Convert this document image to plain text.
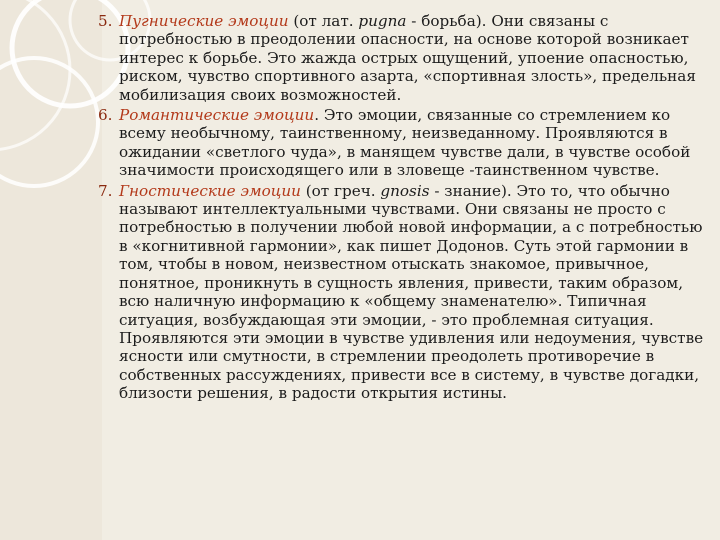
5. Пугнические эмоции (от лат. pugna - борьба). Они связаны с потребностью в преодолении опасности, на основе которой возникает интерес к борьбе. Это жажда острых ощущений, упоение опасностью, риском, чувство спортивного азарта, «спортивная злость», предельная мобилизация своих возможностей.
6. Романтические эмоции. Это эмоции, связанные со стремлением ко всему необычному, таинственному, неизведанному. Проявляются в ожидании «светлого чуда», в манящем чувстве дали, в чувстве особой значимости происходящего или в зловеще -таинственном чувстве.
7. Гностические эмоции (от греч. gnosis - знание). Это то, что обычно называют интеллектуальными чувствами. Они связаны не просто с потребностью в получении любой новой информации, а с потребностью в «когнитивной гармонии», как пишет Додонов. Суть этой гармонии в том, чтобы в новом, неизвестном отыскать знакомое, привычное, понятное, проникнуть в сущность явления, привести, таким образом, всю наличную информацию к «общему знаменателю». Типичная ситуация, возбуждающая эти эмоции, - это проблемная ситуация. Проявляются эти эмоции в чувстве удивления или недоумения, чувстве ясности или смутности, в стремлении преодолеть противоречие в собственных рассуждениях, привести все в систему, в чувстве догадки, близости решения, в радости открытия истины.
